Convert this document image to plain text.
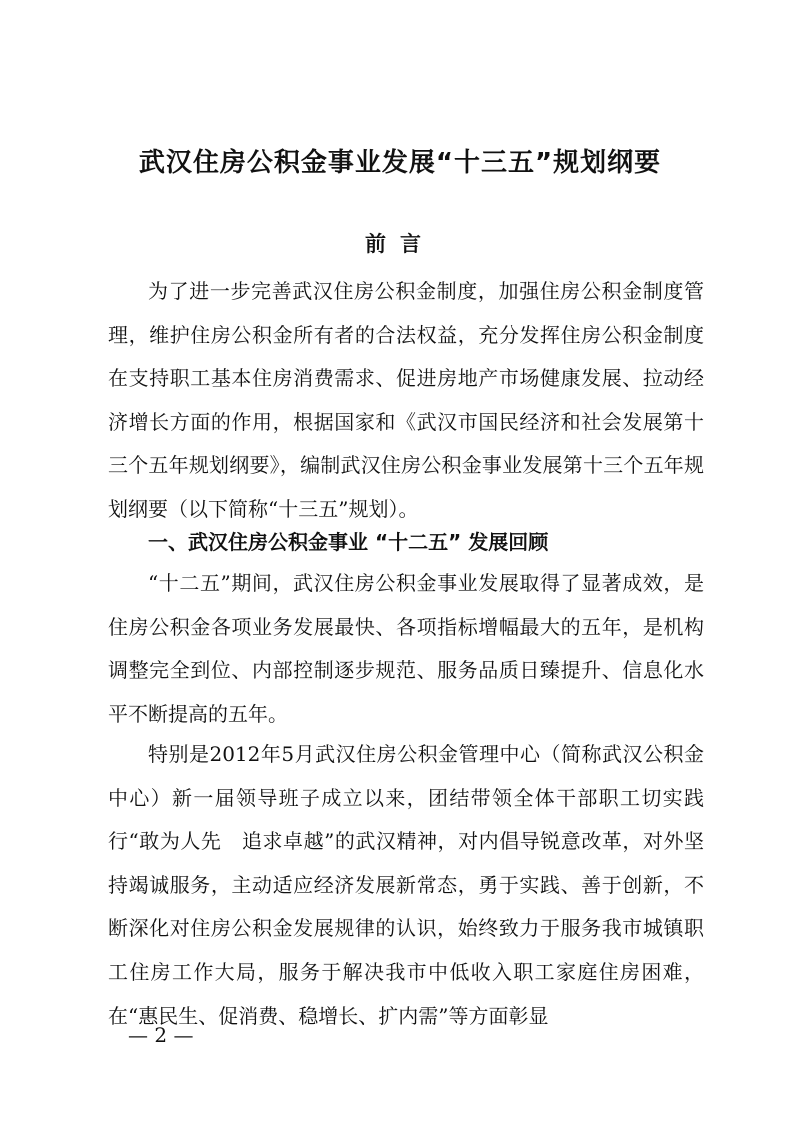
武汉住房公积金事业发展“十三五”规划纲要
前言

为了进一步完善武汉住房公积金制度，加强住房公积金制度管理，维护住房公积金所有者的合法权益，充分发挥住房公积金制度在支持职工基本住房消费需求、促进房地产市场健康发展、拉动经济增长方面的作用，根据国家和《武汉市国民经济和社会发展第十三个五年规划纲要》，编制武汉住房公积金事业发展第十三个五年规划纲要（以下简称“十三五”规划）。

一、武汉住房公积金事业 “十二五” 发展回顾

“十二五”期间，武汉住房公积金事业发展取得了显著成效，是住房公积金各项业务发展最快、各项指标增幅最大的五年，是机构调整完全到位、内部控制逐步规范、服务品质日臻提升、信息化水平不断提高的五年。

特别是2012年5月武汉住房公积金管理中心（简称武汉公积金中心）新一届领导班子成立以来，团结带领全体干部职工切实践行“敢为人先　追求卓越”的武汉精神，对内倡导锐意改革，对外坚持竭诚服务，主动适应经济发展新常态，勇于实践、善于创新，不断深化对住房公积金发展规律的认识，始终致力于服务我市城镇职工住房工作大局，服务于解决我市中低收入职工家庭住房困难，在“惠民生、促消费、稳增长、扩内需”等方面彰显

— 2 —
